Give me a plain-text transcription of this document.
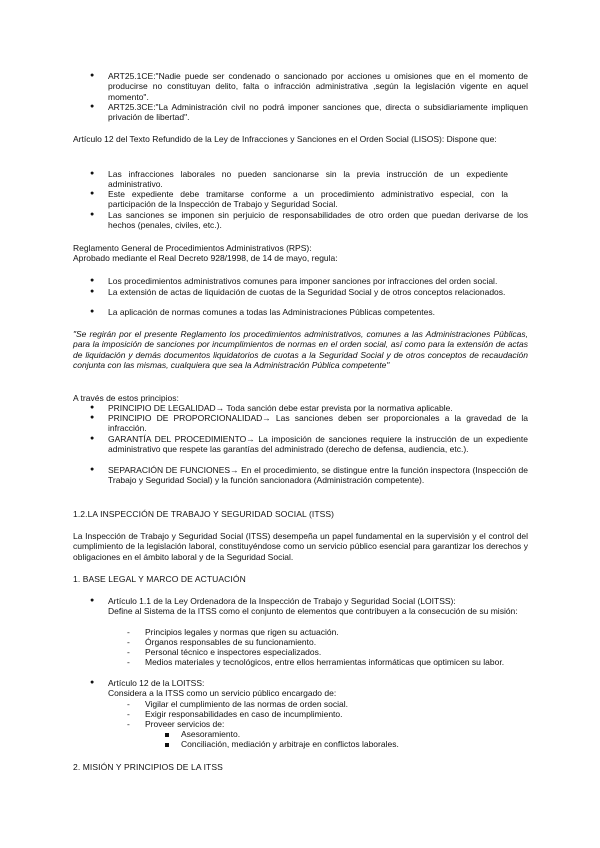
● ART25.1CE:"Nadie puede ser condenado o sancionado por acciones u omisiones que en el momento de producirse no constituyan delito, falta o infracción administrativa ,según la legislación vigente en aquel momento".
● ART25.3CE:"La Administración civil no podrá imponer sanciones que, directa o subsidiariamente impliquen privación de libertad".
Artículo 12 del Texto Refundido de la Ley de Infracciones y Sanciones en el Orden Social (LISOS): Dispone que:
● Las infracciones laborales no pueden sancionarse sin la previa instrucción de un expediente administrativo.
● Este expediente debe tramitarse conforme a un procedimiento administrativo especial, con la participación de la Inspección de Trabajo y Seguridad Social.
● Las sanciones se imponen sin perjuicio de responsabilidades de otro orden que puedan derivarse de los hechos (penales, civiles, etc.).
Reglamento General de Procedimientos Administrativos (RPS):
Aprobado mediante el Real Decreto 928/1998, de 14 de mayo, regula:
● Los procedimientos administrativos comunes para imponer sanciones por infracciones del orden social.
● La extensión de actas de liquidación de cuotas de la Seguridad Social y de otros conceptos relacionados.
● La aplicación de normas comunes a todas las Administraciones Públicas competentes.
"Se regirán por el presente Reglamento los procedimientos administrativos, comunes a las Administraciones Públicas, para la imposición de sanciones por incumplimientos de normas en el orden social, así como para la extensión de actas de liquidación y demás documentos liquidatorios de cuotas a la Seguridad Social y de otros conceptos de recaudación conjunta con las mismas, cualquiera que sea la Administración Pública competente"
A través de estos principios:
● PRINCIPIO DE LEGALIDAD→ Toda sanción debe estar prevista por la normativa aplicable.
● PRINCIPIO DE PROPORCIONALIDAD→ Las sanciones deben ser proporcionales a la gravedad de la infracción.
● GARANTÍA DEL PROCEDIMIENTO→ La imposición de sanciones requiere la instrucción de un expediente administrativo que respete las garantías del administrado (derecho de defensa, audiencia, etc.).
● SEPARACIÓN DE FUNCIONES→ En el procedimiento, se distingue entre la función inspectora (Inspección de Trabajo y Seguridad Social) y la función sancionadora (Administración competente).
1.2.LA INSPECCIÓN DE TRABAJO Y SEGURIDAD SOCIAL (ITSS)
La Inspección de Trabajo y Seguridad Social (ITSS) desempeña un papel fundamental en la supervisión y el control del cumplimiento de la legislación laboral, constituyéndose como un servicio público esencial para garantizar los derechos y obligaciones en el ámbito laboral y de la Seguridad Social.
1. BASE LEGAL Y MARCO DE ACTUACIÓN
● Artículo 1.1 de la Ley Ordenadora de la Inspección de Trabajo y Seguridad Social (LOITSS):
Define al Sistema de la ITSS como el conjunto de elementos que contribuyen a la consecución de su misión:
- Principios legales y normas que rigen su actuación.
- Órganos responsables de su funcionamiento.
- Personal técnico e inspectores especializados.
- Medios materiales y tecnológicos, entre ellos herramientas informáticas que optimicen su labor.
● Artículo 12 de la LOITSS:
Considera a la ITSS como un servicio público encargado de:
- Vigilar el cumplimiento de las normas de orden social.
- Exigir responsabilidades en caso de incumplimiento.
- Proveer servicios de:
Asesoramiento.
Conciliación, mediación y arbitraje en conflictos laborales.
2. MISIÓN Y PRINCIPIOS DE LA ITSS
